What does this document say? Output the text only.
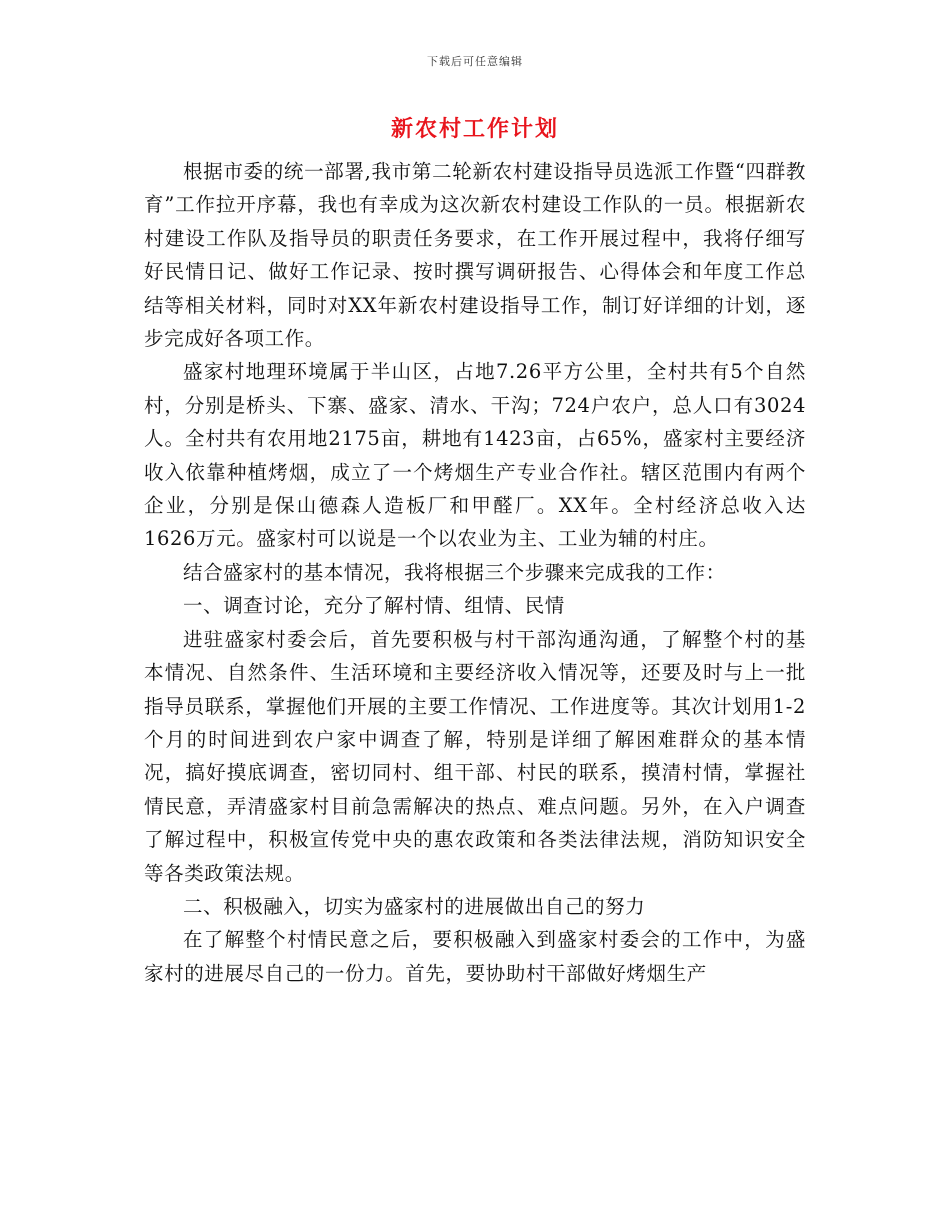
下载后可任意编辑
新农村工作计划

根据市委的统一部署,我市第二轮新农村建设指导员选派工作暨“四群教育”工作拉开序幕，我也有幸成为这次新农村建设工作队的一员。根据新农村建设工作队及指导员的职责任务要求，在工作开展过程中，我将仔细写好民情日记、做好工作记录、按时撰写调研报告、心得体会和年度工作总结等相关材料，同时对XX年新农村建设指导工作，制订好详细的计划，逐步完成好各项工作。

盛家村地理环境属于半山区，占地7.26平方公里，全村共有5个自然村，分别是桥头、下寨、盛家、清水、干沟；724户农户，总人口有3024人。全村共有农用地2175亩，耕地有1423亩，占65%，盛家村主要经济收入依靠种植烤烟，成立了一个烤烟生产专业合作社。辖区范围内有两个企业，分别是保山德森人造板厂和甲醛厂。XX年。全村经济总收入达1626万元。盛家村可以说是一个以农业为主、工业为辅的村庄。

结合盛家村的基本情况，我将根据三个步骤来完成我的工作：

一、调查讨论，充分了解村情、组情、民情

进驻盛家村委会后，首先要积极与村干部沟通沟通，了解整个村的基本情况、自然条件、生活环境和主要经济收入情况等，还要及时与上一批指导员联系，掌握他们开展的主要工作情况、工作进度等。其次计划用1-2个月的时间进到农户家中调查了解，特别是详细了解困难群众的基本情况，搞好摸底调查，密切同村、组干部、村民的联系，摸清村情，掌握社情民意，弄清盛家村目前急需解决的热点、难点问题。另外，在入户调查了解过程中，积极宣传党中央的惠农政策和各类法律法规，消防知识安全等各类政策法规。

二、积极融入，切实为盛家村的进展做出自己的努力

在了解整个村情民意之后，要积极融入到盛家村委会的工作中，为盛家村的进展尽自己的一份力。首先，要协助村干部做好烤烟生产
